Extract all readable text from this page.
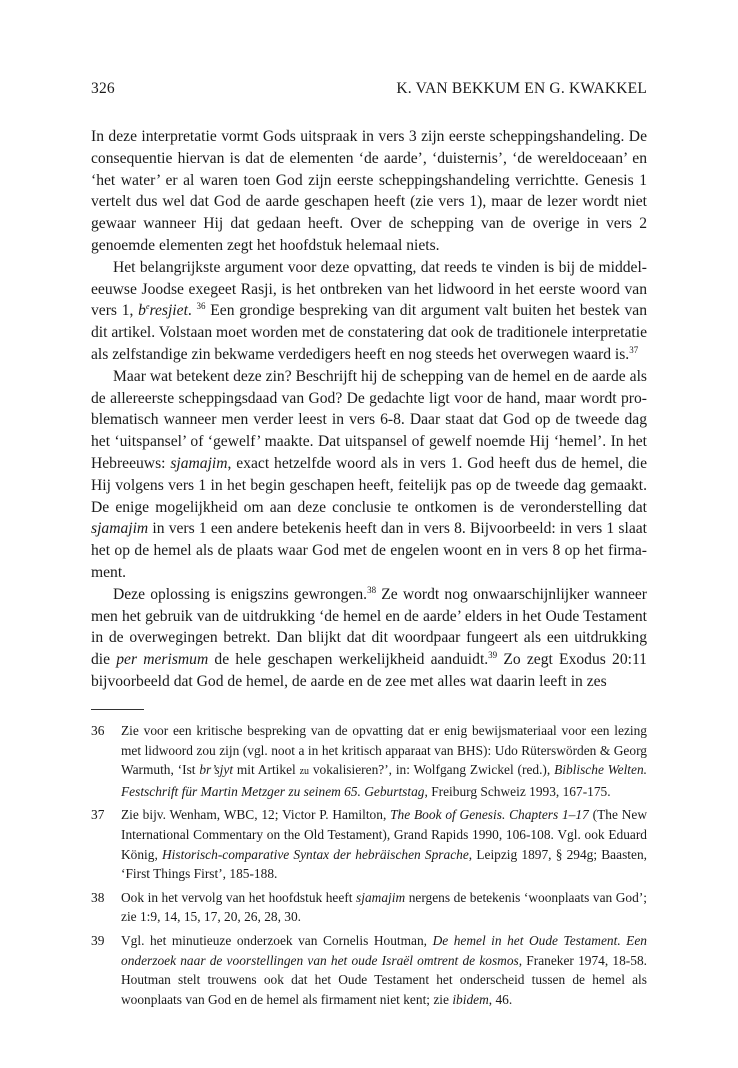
326	K. VAN BEKKUM EN G. KWAKKEL

In deze interpretatie vormt Gods uitspraak in vers 3 zijn eerste scheppingshandeling. De consequentie hiervan is dat de elementen ‘de aarde’, ‘duisternis’, ‘de wereldoceaan’ en ‘het water’ er al waren toen God zijn eerste scheppingshandeling verrichtte. Genesis 1 vertelt dus wel dat God de aarde geschapen heeft (zie vers 1), maar de lezer wordt niet gewaar wanneer Hij dat gedaan heeft. Over de schepping van de overige in vers 2 genoemde elementen zegt het hoofdstuk helemaal niets.

Het belangrijkste argument voor deze opvatting, dat reeds te vinden is bij de middeleeuwse Joodse exegeet Rasji, is het ontbreken van het lidwoord in het eerste woord van vers 1, $b^eresjiet$. $^{36}$ Een grondige bespreking van dit argument valt buiten het bestek van dit artikel. Volstaan moet worden met de constatering dat ook de traditionele interpretatie als zelfstandige zin bekwame verdedigers heeft en nog steeds het overwegen waard is.$^{37}$

Maar wat betekent deze zin? Beschrijft hij de schepping van de hemel en de aarde als de allereerste scheppingsdaad van God? De gedachte ligt voor de hand, maar wordt problematisch wanneer men verder leest in vers 6-8. Daar staat dat God op de tweede dag het ‘uitspansel’ of ‘gewelf’ maakte. Dat uitspansel of gewelf noemde Hij ‘hemel’. In het Hebreeuws: sjamajim, exact hetzelfde woord als in vers 1. God heeft dus de hemel, die Hij volgens vers 1 in het begin geschapen heeft, feitelijk pas op de tweede dag gemaakt. De enige mogelijkheid om aan deze conclusie te ontkomen is de veronderstelling dat sjamajim in vers 1 een andere betekenis heeft dan in vers 8. Bijvoorbeeld: in vers 1 slaat het op de hemel als de plaats waar God met de engelen woont en in vers 8 op het firmament.

Deze oplossing is enigszins gewrongen.$^{38}$ Ze wordt nog onwaarschijnlijker wanneer men het gebruik van de uitdrukking ‘de hemel en de aarde’ elders in het Oude Testament in de overwegingen betrekt. Dan blijkt dat dit woordpaar fungeert als een uitdrukking die per merismum de hele geschapen werkelijkheid aanduidt.$^{39}$ Zo zegt Exodus 20:11 bijvoorbeeld dat God de hemel, de aarde en de zee met alles wat daarin leeft in zes

36 Zie voor een kritische bespreking van de opvatting dat er enig bewijsmateriaal voor een lezing met lidwoord zou zijn (vgl. noot a in het kritisch apparaat van BHS): Udo Rüterswörden & Georg Warmuth, ‘Ist br’sjyt mit Artikel zu vokalisieren?’, in: Wolfgang Zwickel (red.), Biblische Welten. Festschrift für Martin Metzger zu seinem 65. Geburtstag, Freiburg Schweiz 1993, 167-175.
37 Zie bijv. Wenham, WBC, 12; Victor P. Hamilton, The Book of Genesis. Chapters 1–17 (The New International Commentary on the Old Testament), Grand Rapids 1990, 106-108. Vgl. ook Eduard König, Historisch-comparative Syntax der hebräischen Sprache, Leipzig 1897, § 294g; Baasten, ‘First Things First’, 185-188.
38 Ook in het vervolg van het hoofdstuk heeft sjamajim nergens de betekenis ‘woonplaats van God’; zie 1:9, 14, 15, 17, 20, 26, 28, 30.
39 Vgl. het minutieuze onderzoek van Cornelis Houtman, De hemel in het Oude Testament. Een onderzoek naar de voorstellingen van het oude Israël omtrent de kosmos, Franeker 1974, 18-58. Houtman stelt trouwens ook dat het Oude Testament het onderscheid tussen de hemel als woonplaats van God en de hemel als firmament niet kent; zie ibidem, 46.
